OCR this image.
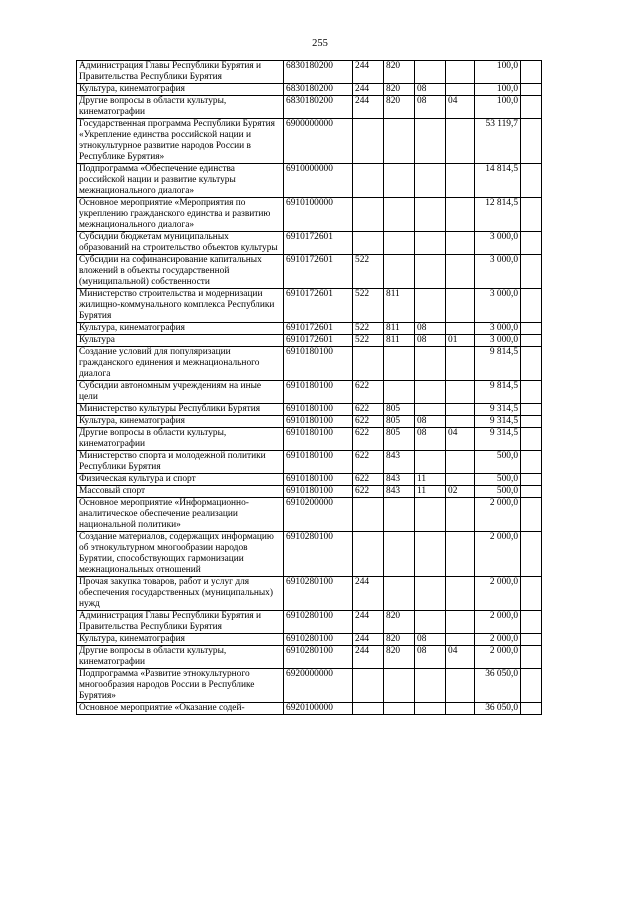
255
Администрация Главы Республики Бурятия и Правительства Республики Бурятия	6830180200	244	820			100,0	
Культура, кинематография	6830180200	244	820	08		100,0	
Другие вопросы в области культуры, кинематографии	6830180200	244	820	08	04	100,0	
Государственная программа Республики Бурятия «Укрепление единства российской нации и этнокультурное развитие народов России в Республике Бурятия»	6900000000					53 119,7	
Подпрограмма «Обеспечение единства российской нации и развитие культуры межнационального диалога»	6910000000					14 814,5	
Основное мероприятие «Мероприятия по укреплению гражданского единства и развитию межнационального диалога»	6910100000					12 814,5	
Субсидии бюджетам муниципальных образований на строительство объектов культуры	6910172601					3 000,0	
Субсидии на софинансирование капитальных вложений в объекты государственной (муниципальной) собственности	6910172601	522				3 000,0	
Министерство строительства и модернизации жилищно-коммунального комплекса Республики Бурятия	6910172601	522	811			3 000,0	
Культура, кинематография	6910172601	522	811	08		3 000,0	
Культура	6910172601	522	811	08	01	3 000,0	
Создание условий для популяризации гражданского единения и межнационального диалога	6910180100					9 814,5	
Субсидии автономным учреждениям на иные цели	6910180100	622				9 814,5	
Министерство культуры Республики Бурятия	6910180100	622	805			9 314,5	
Культура, кинематография	6910180100	622	805	08		9 314,5	
Другие вопросы в области культуры, кинематографии	6910180100	622	805	08	04	9 314,5	
Министерство спорта и молодежной политики Республики Бурятия	6910180100	622	843			500,0	
Физическая культура и спорт	6910180100	622	843	11		500,0	
Массовый спорт	6910180100	622	843	11	02	500,0	
Основное мероприятие «Информационно-аналитическое обеспечение реализации национальной политики»	6910200000					2 000,0	
Создание материалов, содержащих информацию об этнокультурном многообразии народов Бурятии, способствующих гармонизации межнациональных отношений	6910280100					2 000,0	
Прочая закупка товаров, работ и услуг для обеспечения государственных (муниципальных) нужд	6910280100	244				2 000,0	
Администрация Главы Республики Бурятия и Правительства Республики Бурятия	6910280100	244	820			2 000,0	
Культура, кинематография	6910280100	244	820	08		2 000,0	
Другие вопросы в области культуры, кинематографии	6910280100	244	820	08	04	2 000,0	
Подпрограмма «Развитие этнокультурного многообразия народов России в Республике Бурятия»	6920000000					36 050,0	
Основное мероприятие «Оказание содей-	6920100000					36 050,0	
